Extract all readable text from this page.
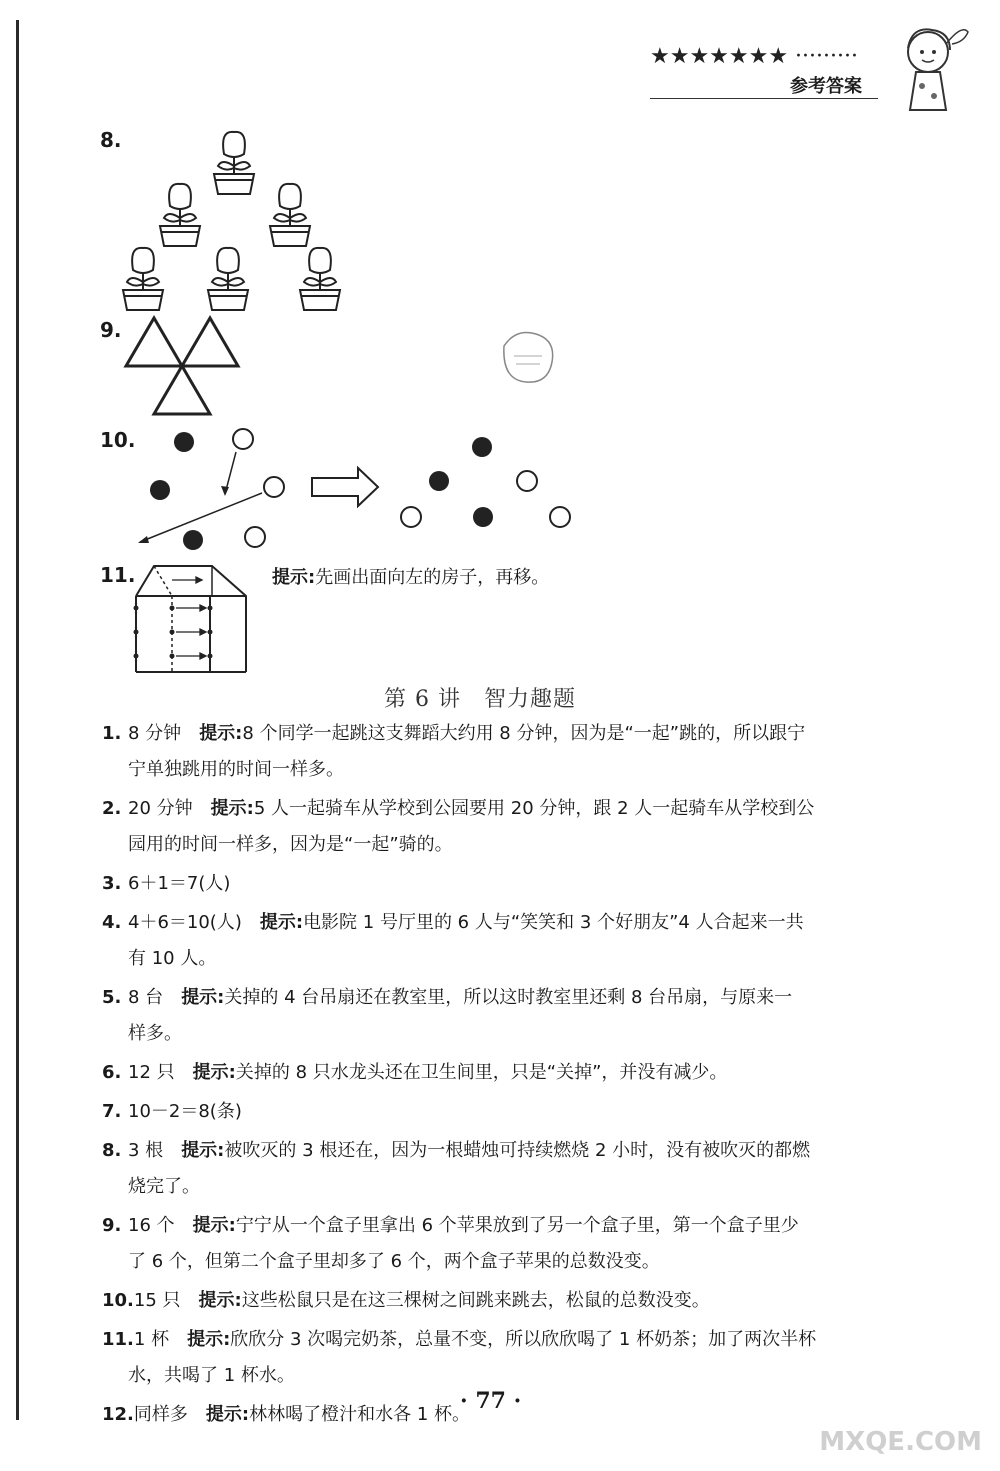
★★★★★★★ ·········
参考答案
8.
9.
10.
11.	提示:先画出面向左的房子，再移。
第 6 讲　智力趣题
1. 8 分钟　 提示:8 个同学一起跳这支舞蹈大约用 8 分钟，因为是“一起”跳的，所以跟宁
宁单独跳用的时间一样多。
2. 20 分钟　 提示:5 人一起骑车从学校到公园要用 20 分钟，跟 2 人一起骑车从学校到公
园用的时间一样多，因为是“一起”骑的。
3. 6＋1＝7(人)
4. 4＋6＝10(人)　 提示:电影院 1 号厅里的 6 人与“笑笑和 3 个好朋友”4 人合起来一共
有 10 人。
5. 8 台　 提示:关掉的 4 台吊扇还在教室里，所以这时教室里还剩 8 台吊扇，与原来一
样多。
6. 12 只　 提示:关掉的 8 只水龙头还在卫生间里，只是“关掉”，并没有减少。
7. 10－2＝8(条)
8. 3 根　 提示:被吹灭的 3 根还在，因为一根蜡烛可持续燃烧 2 小时，没有被吹灭的都燃
烧完了。
9. 16 个　 提示:宁宁从一个盒子里拿出 6 个苹果放到了另一个盒子里，第一个盒子里少
了 6 个，但第二个盒子里却多了 6 个，两个盒子苹果的总数没变。
10.15 只　 提示:这些松鼠只是在这三棵树之间跳来跳去，松鼠的总数没变。
11.1 杯　 提示:欣欣分 3 次喝完奶茶，总量不变，所以欣欣喝了 1 杯奶茶；加了两次半杯
水，共喝了 1 杯水。
12.同样多　 提示:林林喝了橙汁和水各 1 杯。
· 77 ·
MXQE.COM
